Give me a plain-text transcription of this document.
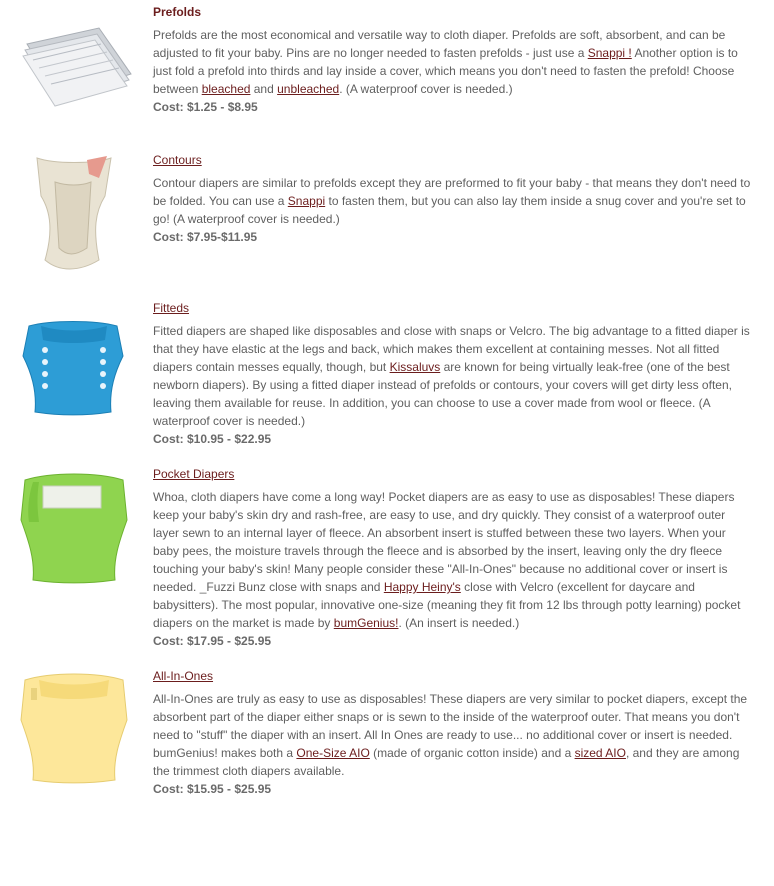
Prefolds

Prefolds are the most economical and versatile way to cloth diaper. Prefolds are soft, absorbent, and can be adjusted to fit your baby. Pins are no longer needed to fasten prefolds - just use a Snappi ! Another option is to just fold a prefold into thirds and lay inside a cover, which means you don't need to fasten the prefold! Choose between bleached and unbleached. (A waterproof cover is needed.)

Cost: $1.25 - $8.95

Contours

Contour diapers are similar to prefolds except they are preformed to fit your baby - that means they don't need to be folded. You can use a Snappi to fasten them, but you can also lay them inside a snug cover and you're set to go! (A waterproof cover is needed.)

Cost: $7.95-$11.95

Fitteds

Fitted diapers are shaped like disposables and close with snaps or Velcro. The big advantage to a fitted diaper is that they have elastic at the legs and back, which makes them excellent at containing messes. Not all fitted diapers contain messes equally, though, but Kissaluvs are known for being virtually leak-free (one of the best newborn diapers). By using a fitted diaper instead of prefolds or contours, your covers will get dirty less often, leaving them available for reuse. In addition, you can choose to use a cover made from wool or fleece. (A waterproof cover is needed.)

Cost: $10.95 - $22.95

Pocket Diapers

Whoa, cloth diapers have come a long way! Pocket diapers are as easy to use as disposables! These diapers keep your baby's skin dry and rash-free, are easy to use, and dry quickly. They consist of a waterproof outer layer sewn to an internal layer of fleece. An absorbent insert is stuffed between these two layers. When your baby pees, the moisture travels through the fleece and is absorbed by the insert, leaving only the dry fleece touching your baby's skin! Many people consider these "All-In-Ones" because no additional cover or insert is needed. _Fuzzi Bunz close with snaps and Happy Heiny's close with Velcro (excellent for daycare and babysitters). The most popular, innovative one-size (meaning they fit from 12 lbs through potty learning) pocket diapers on the market is made by bumGenius!. (An insert is needed.)

Cost: $17.95 - $25.95

All-In-Ones

All-In-Ones are truly as easy to use as disposables! These diapers are very similar to pocket diapers, except the absorbent part of the diaper either snaps or is sewn to the inside of the waterproof outer. That means you don't need to "stuff" the diaper with an insert. All In Ones are ready to use... no additional cover or insert is needed. bumGenius! makes both a One-Size AIO (made of organic cotton inside) and a sized AIO, and they are among the trimmest cloth diapers available.

Cost: $15.95 - $25.95
